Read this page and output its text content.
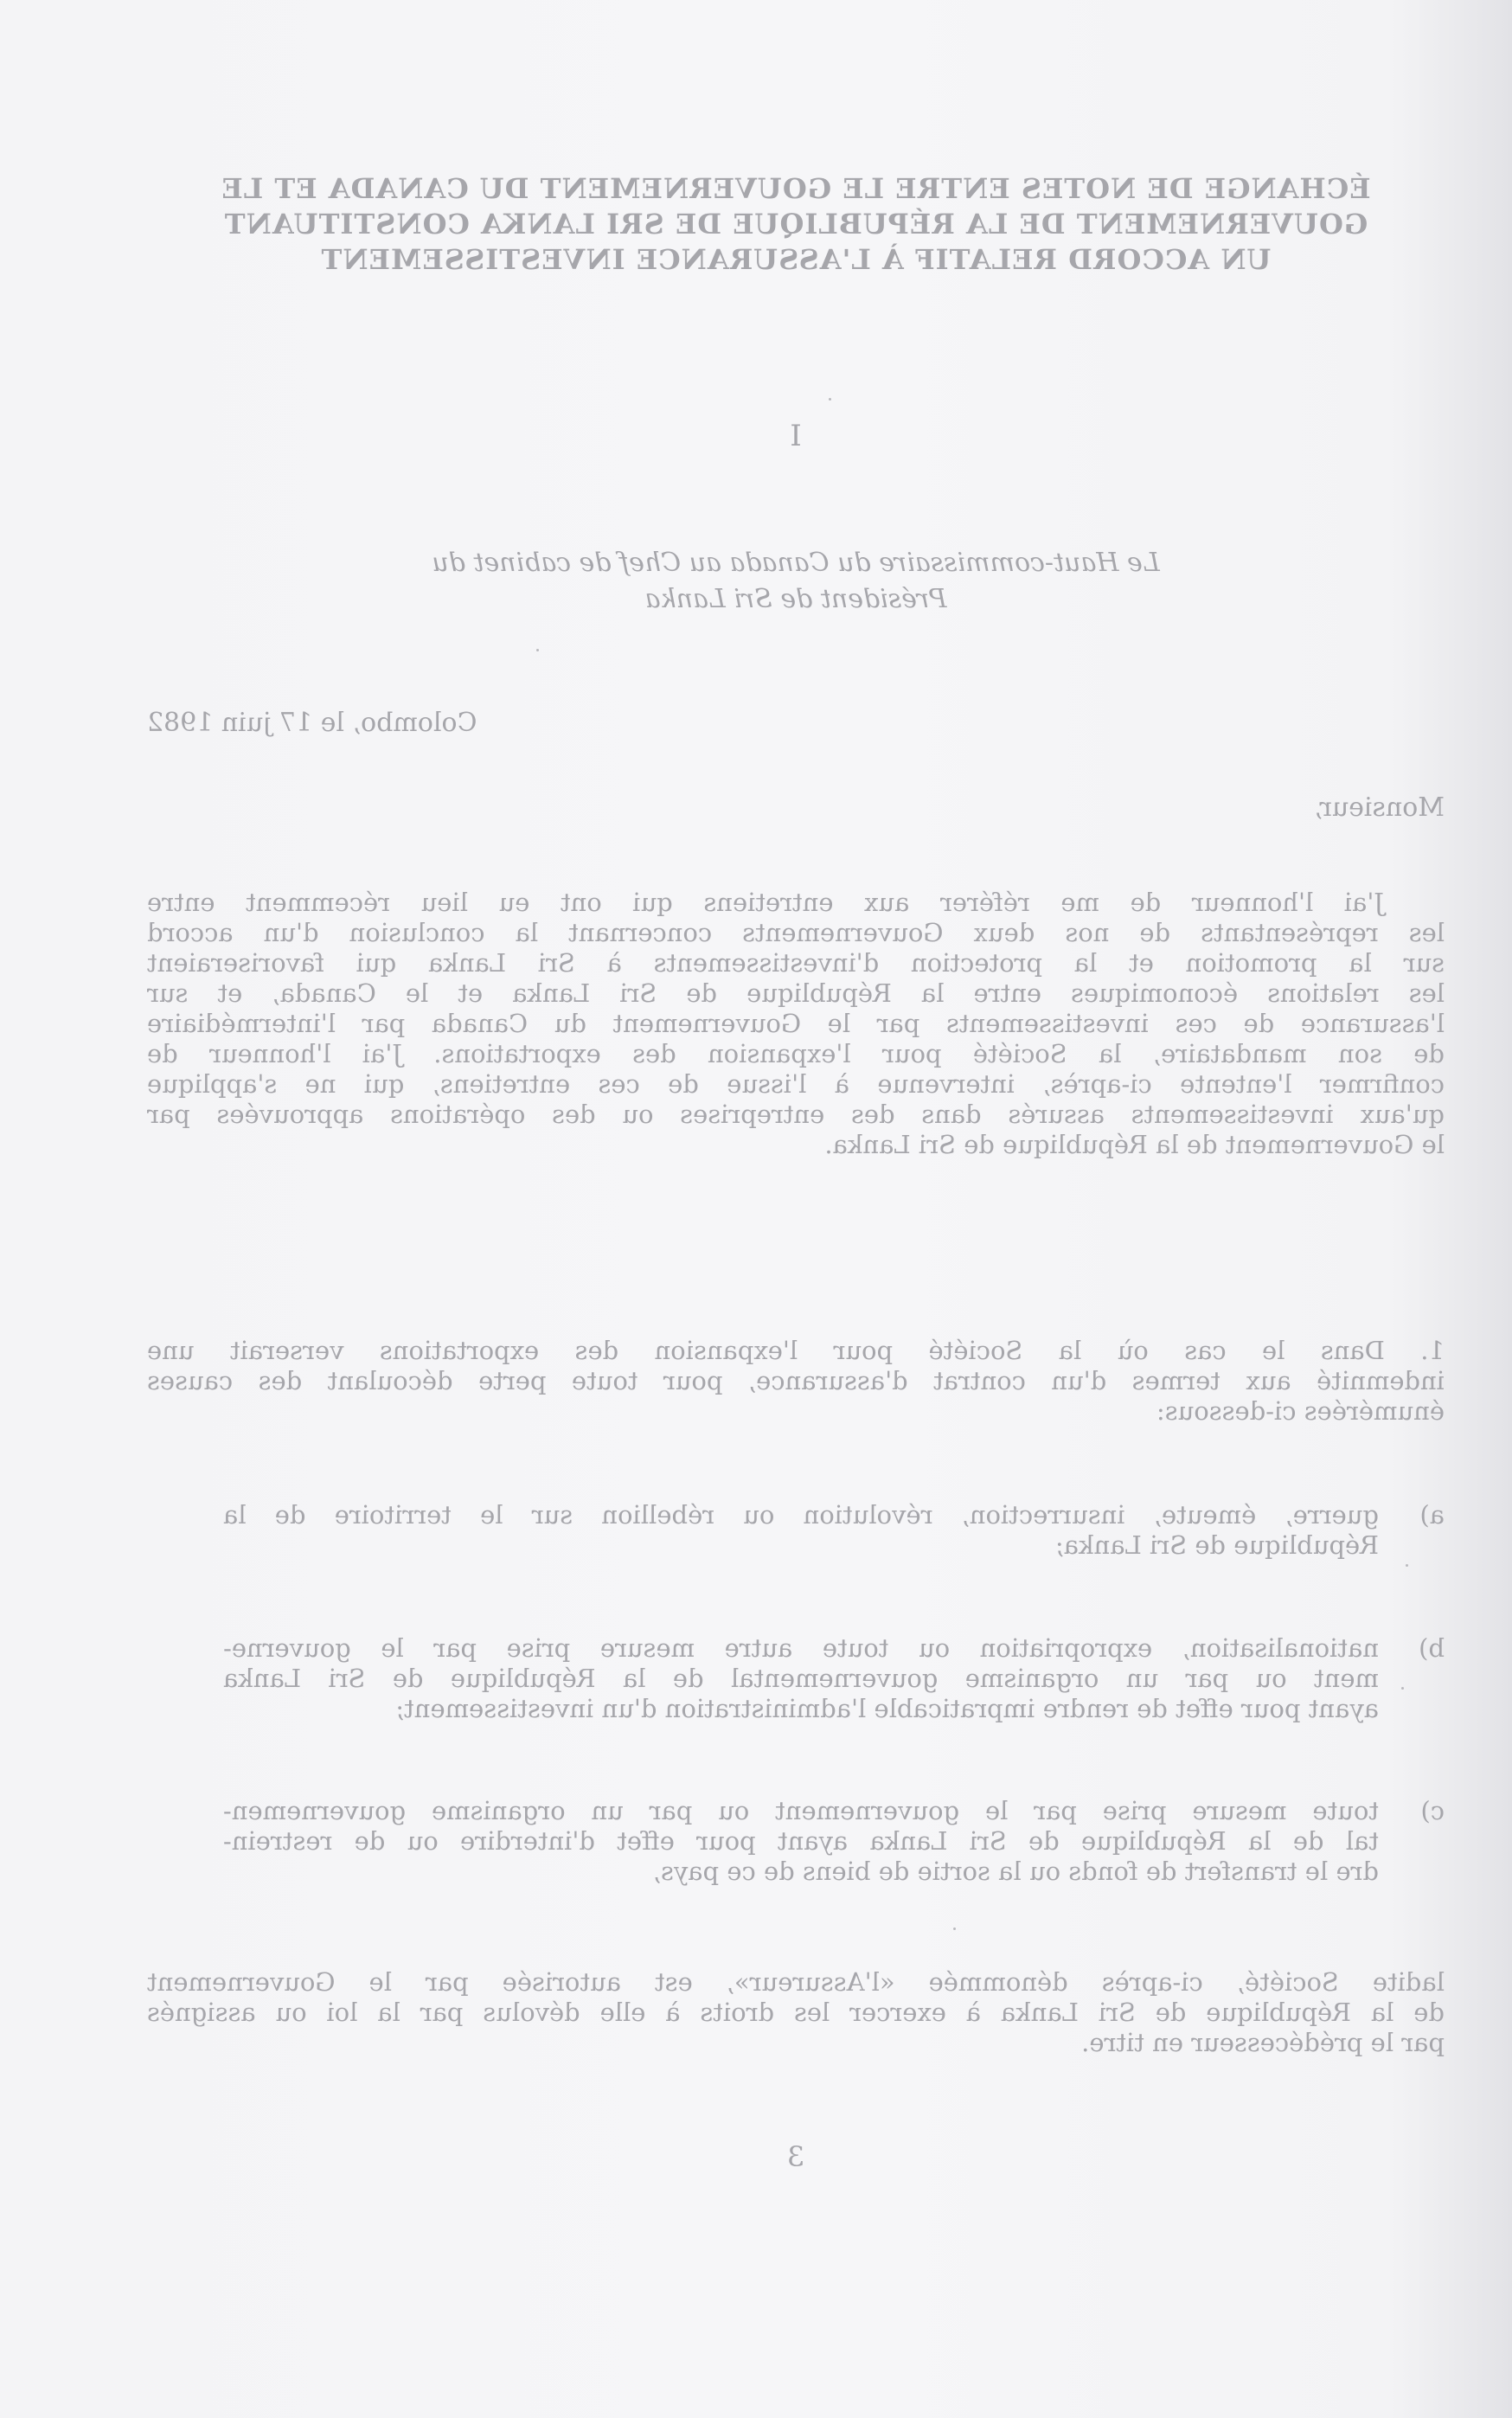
ÉCHANGE DE NOTES ENTRE LE GOUVERNEMENT DU CANADA ET LE
GOUVERNEMENT DE LA RÉPUBLIQUE DE SRI LANKA CONSTITUANT
UN ACCORD RELATIF À L'ASSURANCE INVESTISSEMENT
I
Le Haut-commissaire du Canada au Chef de cabinet du
Président de Sri Lanka
Colombo, le 17 juin 1982
Monsieur,
J'ai l'honneur de me référer aux entretiens qui ont eu lieu récemment entre
les représentants de nos deux Gouvernements concernant la conclusion d'un accord
sur la promotion et la protection d'investissements à Sri Lanka qui favoriseraient
les relations économiques entre la République de Sri Lanka et le Canada, et sur
l'assurance de ces investissements par le Gouvernement du Canada par l'intermédiaire
de son mandataire, la Société pour l'expansion des exportations. J'ai l'honneur de
confirmer l'entente ci-après, intervenue à l'issue de ces entretiens, qui ne s'applique
qu'aux investissements assurés dans des entreprises ou des opérations approuvées par
le Gouvernement de la République de Sri Lanka.
1. Dans le cas où la Société pour l'expansion des exportations verserait une
indemnité aux termes d'un contrat d'assurance, pour toute perte découlant des causes
énumérées ci-dessous:
a)
guerre, émeute, insurrection, révolution ou rébellion sur le territoire de la
République de Sri Lanka;
b)
nationalisation, expropriation ou toute autre mesure prise par le gouverne-
ment ou par un organisme gouvernemental de la République de Sri Lanka
ayant pour effet de rendre impraticable l'administration d'un investissement;
c)
toute mesure prise par le gouvernement ou par un organisme gouvernemen-
tal de la République de Sri Lanka ayant pour effet d'interdire ou de restrein-
dre le transfert de fonds ou la sortie de biens de ce pays,
ladite Société, ci-après dénommée «l'Assureur», est autorisée par le Gouvernement
de la République de Sri Lanka à exercer les droits à elle dévolus par la loi ou assignés
par le prédécesseur en titre.
3
